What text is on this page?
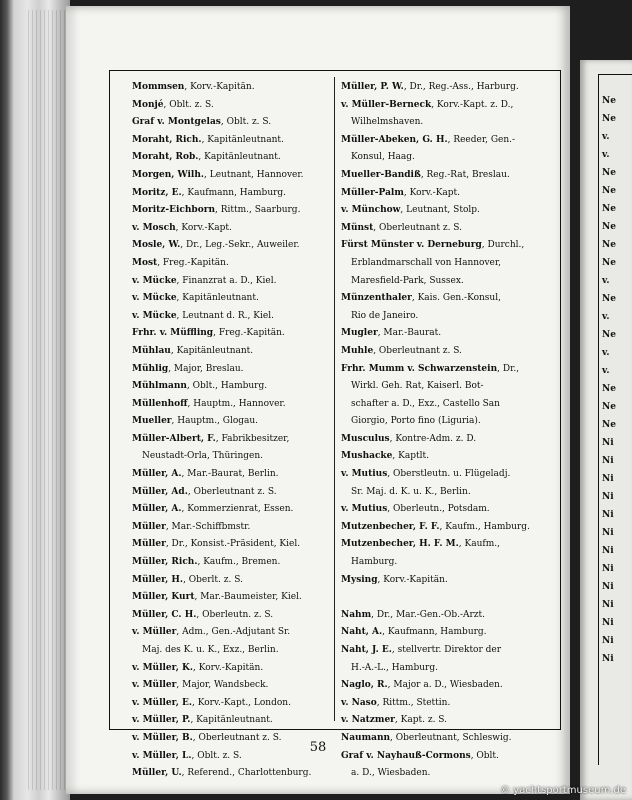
Mommsen, Korv.-Kapitän.
Monjé, Oblt. z. S.
Graf v. Montgelas, Oblt. z. S.
Moraht, Rich., Kapitänleutnant.
Moraht, Rob., Kapitänleutnant.
Morgen, Wilh., Leutnant, Hannover.
Moritz, E., Kaufmann, Hamburg.
Moritz-Eichborn, Rittm., Saarburg.
v. Mosch, Korv.-Kapt.
Mosle, W., Dr., Leg.-Sekr., Auweiler.
Most, Freg.-Kapitän.
v. Mücke, Finanzrat a. D., Kiel.
v. Mücke, Kapitänleutnant.
v. Mücke, Leutnant d. R., Kiel.
Frhr. v. Müffling, Freg.-Kapitän.
Mühlau, Kapitänleutnant.
Mühlig, Major, Breslau.
Mühlmann, Oblt., Hamburg.
Müllenhoff, Hauptm., Hannover.
Mueller, Hauptm., Glogau.
Müller-Albert, F., Fabrikbesitzer,
Neustadt-Orla, Thüringen.
Müller, A., Mar.-Baurat, Berlin.
Müller, Ad., Oberleutnant z. S.
Müller, A., Kommerzienrat, Essen.
Müller, Mar.-Schiffbmstr.
Müller, Dr., Konsist.-Präsident, Kiel.
Müller, Rich., Kaufm., Bremen.
Müller, H., Oberlt. z. S.
Müller, Kurt, Mar.-Baumeister, Kiel.
Müller, C. H., Oberleutn. z. S.
v. Müller, Adm., Gen.-Adjutant Sr.
Maj. des K. u. K., Exz., Berlin.
v. Müller, K., Korv.-Kapitän.
v. Müller, Major, Wandsbeck.
v. Müller, E., Korv.-Kapt., London.
v. Müller, P., Kapitänleutnant.
v. Müller, B., Oberleutnant z. S.
v. Müller, L., Oblt. z. S.
Müller, U., Referend., Charlottenburg.
Müller, P. W., Dr., Reg.-Ass., Harburg.
v. Müller-Berneck, Korv.-Kapt. z. D.,
Wilhelmshaven.
Müller-Abeken, G. H., Reeder, Gen.-
Konsul, Haag.
Mueller-Bandiß, Reg.-Rat, Breslau.
Müller-Palm, Korv.-Kapt.
v. Münchow, Leutnant, Stolp.
Münst, Oberleutnant z. S.
Fürst Münster v. Derneburg, Durchl.,
Erblandmarschall von Hannover,
Maresfield-Park, Sussex.
Münzenthaler, Kais. Gen.-Konsul,
Rio de Janeiro.
Mugler, Mar.-Baurat.
Muhle, Oberleutnant z. S.
Frhr. Mumm v. Schwarzenstein, Dr.,
Wirkl. Geh. Rat, Kaiserl. Bot-
schafter a. D., Exz., Castello San
Giorgio, Porto fino (Liguria).
Musculus, Kontre-Adm. z. D.
Mushacke, Kaptlt.
v. Mutius, Oberstleutn. u. Flügeladj.
Sr. Maj. d. K. u. K., Berlin.
v. Mutius, Oberleutn., Potsdam.
Mutzenbecher, F. F., Kaufm., Hamburg.
Mutzenbecher, H. F. M., Kaufm.,
Hamburg.
Mysing, Korv.-Kapitän.
Nahm, Dr., Mar.-Gen.-Ob.-Arzt.
Naht, A., Kaufmann, Hamburg.
Naht, J. E., stellvertr. Direktor der
H.-A.-L., Hamburg.
Naglo, R., Major a. D., Wiesbaden.
v. Naso, Rittm., Stettin.
v. Natzmer, Kapt. z. S.
Naumann, Oberleutnant, Schleswig.
Graf v. Nayhauß-Cormons, Oblt.
a. D., Wiesbaden.
58
Ne
Ne
v.
v.
Ne
Ne
Ne
Ne
Ne
Ne
v.
Ne
v.
Ne
v.
v.
Ne
Ne
Ne
Ni
Ni
Ni
Ni
Ni
Ni
Ni
Ni
Ni
Ni
Ni
Ni
Ni
© yachtsportmuseum.de
